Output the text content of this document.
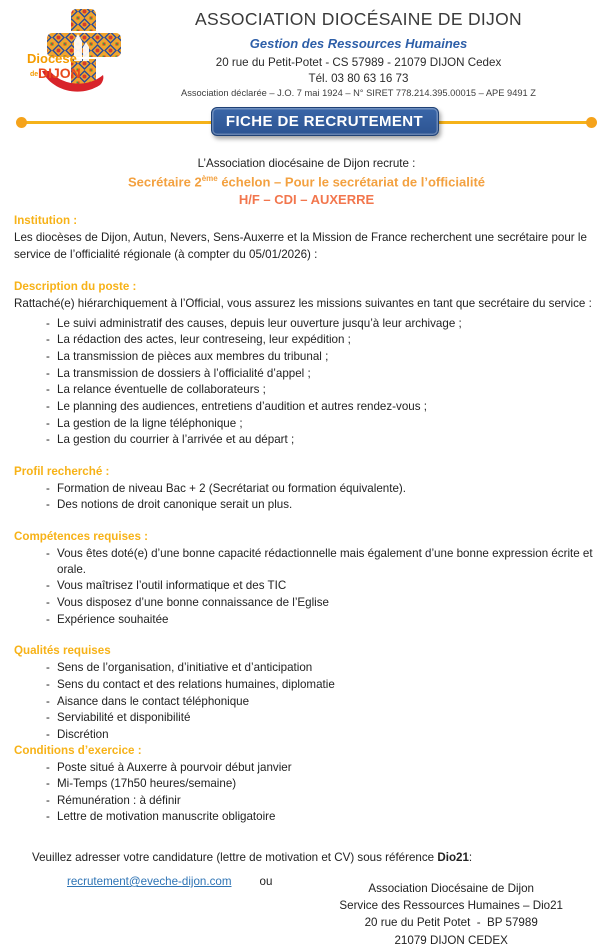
Diocèse
de DIJON
ASSOCIATION DIOCÉSAINE DE DIJON
Gestion des Ressources Humaines
20 rue du Petit-Potet - CS 57989 - 21079 DIJON Cedex
Tél. 03 80 63 16 73
Association déclarée – J.O. 7 mai 1924 – N° SIRET 778.214.395.00015 – APE 9491 Z
FICHE DE RECRUTEMENT

L’Association diocésaine de Dijon recrute :

Secrétaire 2ème échelon – Pour le secrétariat de l’officialité

H/F – CDI – AUXERRE

Institution :

Les diocèses de Dijon, Autun, Nevers, Sens-Auxerre et la Mission de France recherchent une secrétaire pour le service de l’officialité régionale (à compter du 05/01/2026) :

Description du poste :

Rattaché(e) hiérarchiquement à l’Official, vous assurez les missions suivantes en tant que secrétaire du service :

- Le suivi administratif des causes, depuis leur ouverture jusqu’à leur archivage ;
- La rédaction des actes, leur contreseing, leur expédition ;
- La transmission de pièces aux membres du tribunal ;
- La transmission de dossiers à l’officialité d’appel ;
- La relance éventuelle de collaborateurs ;
- Le planning des audiences, entretiens d’audition et autres rendez-vous ;
- La gestion de la ligne téléphonique ;
- La gestion du courrier à l’arrivée et au départ ;
Profil recherché :
- Formation de niveau Bac + 2 (Secrétariat ou formation équivalente).
- Des notions de droit canonique serait un plus.
Compétences requises :
- Vous êtes doté(e) d’une bonne capacité rédactionnelle mais également d’une bonne expression écrite et orale.
- Vous maîtrisez l’outil informatique et des TIC
- Vous disposez d’une bonne connaissance de l’Eglise
- Expérience souhaitée
Qualités requises
- Sens de l’organisation, d’initiative et d’anticipation
- Sens du contact et des relations humaines, diplomatie
- Aisance dans le contact téléphonique
- Serviabilité et disponibilité
- Discrétion
Conditions d’exercice :
- Poste situé à Auxerre à pourvoir début janvier
- Mi-Temps (17h50 heures/semaine)
- Rémunération : à définir
- Lettre de motivation manuscrite obligatoire

Veuillez adresser votre candidature (lettre de motivation et CV) sous référence Dio21:

recrutement@eveche-dijon.com ou
Association Diocésaine de Dijon
Service des Ressources Humaines – Dio21
20 rue du Petit Potet  -  BP 57989
21079 DIJON CEDEX
